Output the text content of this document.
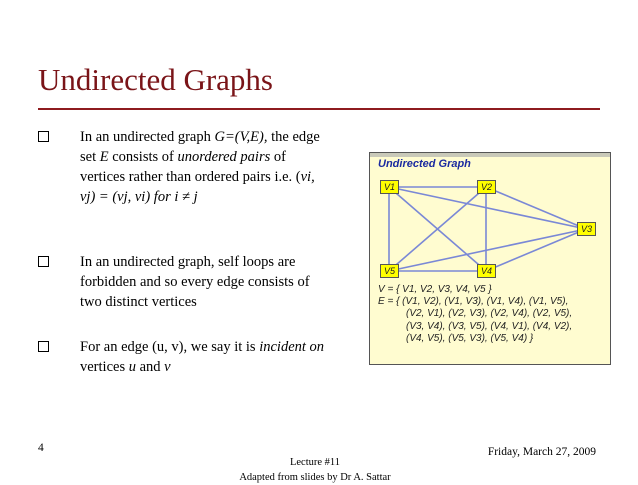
Undirected Graphs
In an undirected graph G=(V,E), the edge set E consists of unordered pairs of vertices rather than ordered pairs i.e. (vi, vj) = (vj, vi) for i ≠ j
In an undirected graph, self loops are forbidden and so every edge consists of two distinct vertices
For an edge (u, v), we say it is incident on vertices u and v
Undirected Graph
V1	V2
V3
V4
V5
V = { V1, V2, V3, V4, V5 }
E = { (V1, V2), (V1, V3), (V1, V4), (V1, V5),
(V2, V1), (V2, V3), (V2, V4), (V2, V5),
(V3, V4), (V3, V5), (V4, V1), (V4, V2),
(V4, V5), (V5, V3), (V5, V4) }
4	Friday, March 27, 2009
Lecture #11
Adapted from slides by Dr A. Sattar
